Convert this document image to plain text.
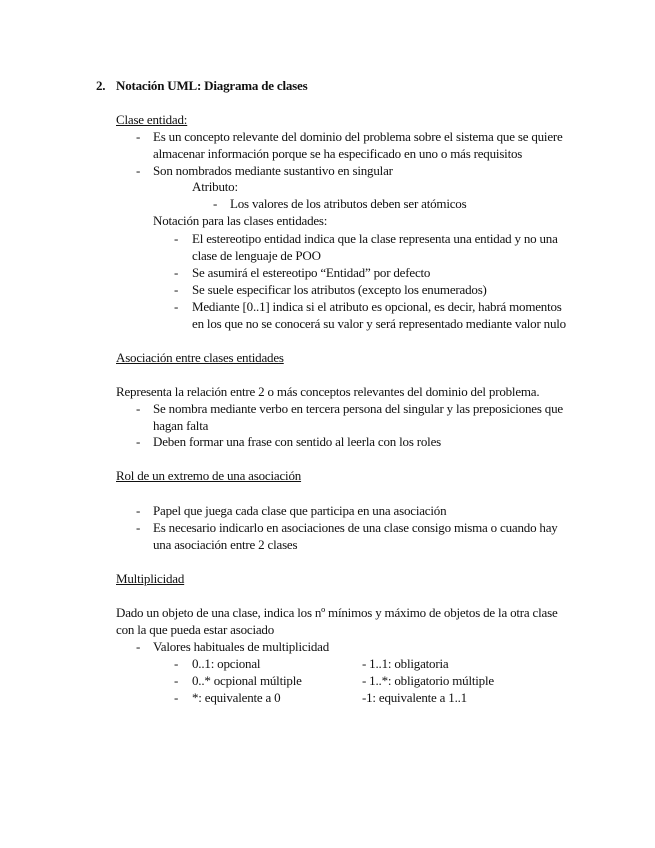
2. Notación UML: Diagrama de clases
Clase entidad:
- Es un concepto relevante del dominio del problema sobre el sistema que se quiere
almacenar información porque se ha especificado en uno o más requisitos
- Son nombrados mediante sustantivo en singular
Atributo:
- Los valores de los atributos deben ser atómicos
Notación para las clases entidades:
- El estereotipo entidad indica que la clase representa una entidad y no una
clase de lenguaje de POO
- Se asumirá el estereotipo “Entidad” por defecto
- Se suele especificar los atributos (excepto los enumerados)
- Mediante [0..1] indica si el atributo es opcional, es decir, habrá momentos
en los que no se conocerá su valor y será representado mediante valor nulo
Asociación entre clases entidades
Representa la relación entre 2 o más conceptos relevantes del dominio del problema.
- Se nombra mediante verbo en tercera persona del singular y las preposiciones que
hagan falta
- Deben formar una frase con sentido al leerla con los roles
Rol de un extremo de una asociación
- Papel que juega cada clase que participa en una asociación
- Es necesario indicarlo en asociaciones de una clase consigo misma o cuando hay
una asociación entre 2 clases
Multiplicidad
Dado un objeto de una clase, indica los nº mínimos y máximo de objetos de la otra clase
con la que pueda estar asociado
- Valores habituales de multiplicidad
- 0..1: opcional	- 1..1: obligatoria
- 0..* ocpional múltiple	- 1..*: obligatorio múltiple
- *: equivalente a 0	-1: equivalente a 1..1
